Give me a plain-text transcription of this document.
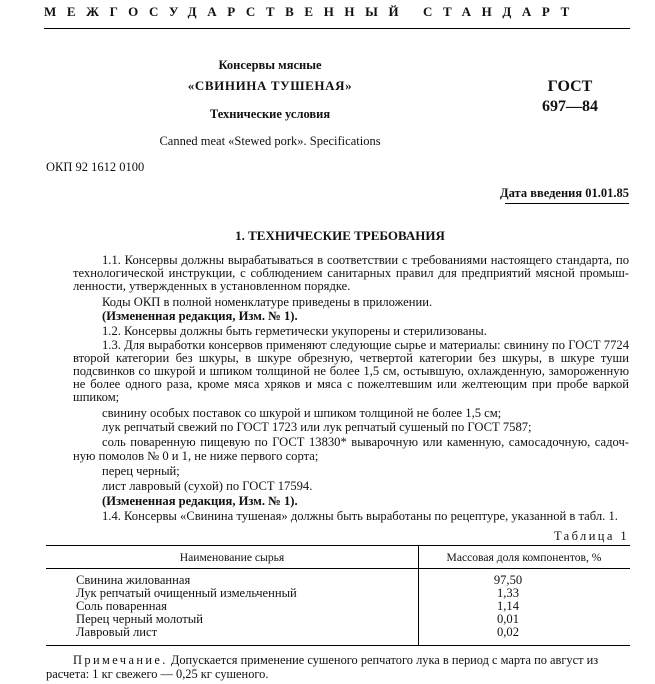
МЕЖГОСУДАРСТВЕННЫЙ СТАНДАРТ
Консервы мясные
«СВИНИНА ТУШЕНАЯ»
Технические условия
Canned meat «Stewed pork». Specifications
ГОСТ
697—84
ОКП 92 1612 0100
Дата введения 01.01.85
1. ТЕХНИЧЕСКИЕ ТРЕБОВАНИЯ
1.1. Консервы должны вырабатываться в соответствии с требованиями настоящего стандарта, по
технологической инструкции, с соблюдением санитарных правил для предприятий мясной промыш-
ленности, утвержденных в установленном порядке.
Коды ОКП в полной номенклатуре приведены в приложении.
(Измененная редакция, Изм. № 1).
1.2. Консервы должны быть герметически укупорены и стерилизованы.
1.3. Для выработки консервов применяют следующие сырье и материалы: свинину по ГОСТ 7724
второй категории без шкуры, в шкуре обрезную, четвертой категории без шкуры, в шкуре туши
подсвинков со шкурой и шпиком толщиной не более 1,5 см, остывшую, охлажденную, замороженную
не более одного раза, кроме мяса хряков и мяса с пожелтевшим или желтеющим при пробе варкой
шпиком;
свинину особых поставок со шкурой и шпиком толщиной не более 1,5 см;
лук репчатый свежий по ГОСТ 1723 или лук репчатый сушеный по ГОСТ 7587;
соль поваренную пищевую по ГОСТ 13830* выварочную или каменную, самосадочную, садоч-
ную помолов № 0 и 1, не ниже первого сорта;
перец черный;
лист лавровый (сухой) по ГОСТ 17594.
(Измененная редакция, Изм. № 1).
1.4. Консервы «Свинина тушеная» должны быть выработаны по рецептуре, указанной в табл. 1.
Таблица 1
Наименование сырья	Массовая доля компонентов, %
Свинина жилованная	97,50
Лук репчатый очищенный измельченный	1,33
Соль поваренная	1,14
Перец черный молотый	0,01
Лавровый лист	0,02
Примечание. Допускается применение сушеного репчатого лука в период с марта по август из
расчета: 1 кг свежего — 0,25 кг сушеного.
